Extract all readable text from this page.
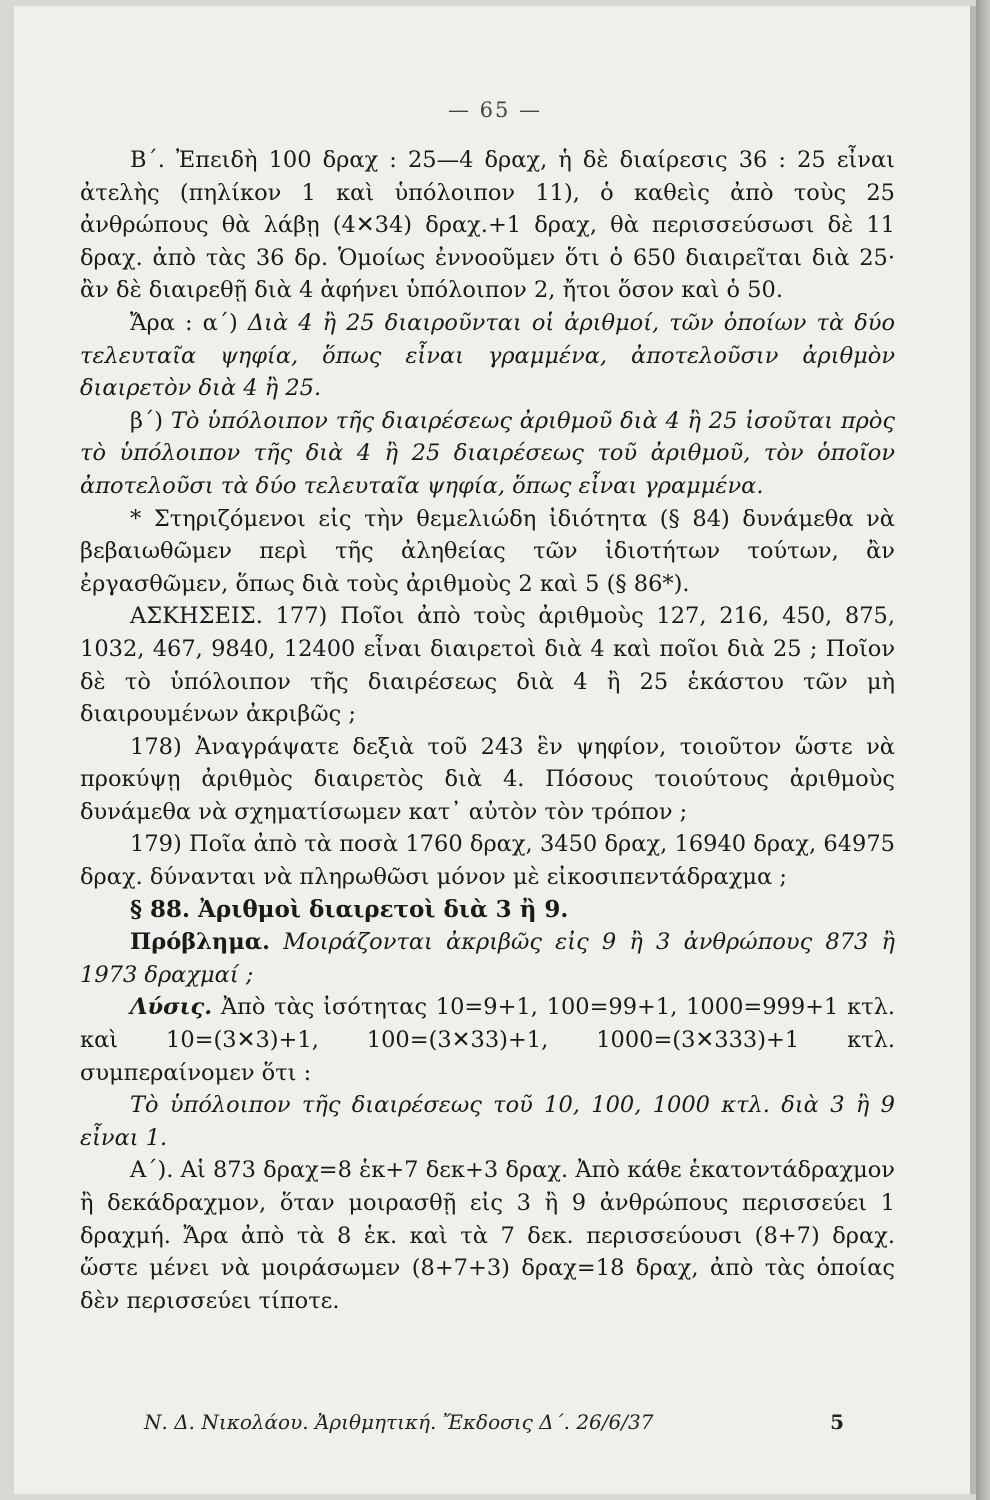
— 65 —

Β΄. Ἐπειδὴ 100 δραχ : 25—4 δραχ, ἡ δὲ διαίρεσις 36 : 25 εἶναι ἀτελὴς (πηλίκον 1 καὶ ὑπόλοιπον 11), ὁ καθεὶς ἀπὸ τοὺς 25 ἀνθρώπους θὰ λάβῃ (4✕34) δραχ.+1 δραχ, θὰ περισσεύσωσι δὲ 11 δραχ. ἀπὸ τὰς 36 δρ. Ὁμοίως ἐννοοῦμεν ὅτι ὁ 650 διαιρεῖται διὰ 25· ἂν δὲ διαιρεθῇ διὰ 4 ἀφήνει ὑπόλοιπον 2, ἤτοι ὅσον καὶ ὁ 50.

Ἄρα : α΄) Διὰ 4 ἢ 25 διαιροῦνται οἱ ἀριθμοί, τῶν ὁποίων τὰ δύο τελευταῖα ψηφία, ὅπως εἶναι γραμμένα, ἀποτελοῦσιν ἀριθμὸν διαιρετὸν διὰ 4 ἢ 25.

β΄) Τὸ ὑπόλοιπον τῆς διαιρέσεως ἀριθμοῦ διὰ 4 ἢ 25 ἰσοῦται πρὸς τὸ ὑπόλοιπον τῆς διὰ 4 ἢ 25 διαιρέσεως τοῦ ἀριθμοῦ, τὸν ὁποῖον ἀποτελοῦσι τὰ δύο τελευταῖα ψηφία, ὅπως εἶναι γραμμένα.

* Στηριζόμενοι εἰς τὴν θεμελιώδη ἰδιότητα (§ 84) δυνάμεθα νὰ βεβαιωθῶμεν περὶ τῆς ἀληθείας τῶν ἰδιοτήτων τούτων, ἂν ἐργασθῶμεν, ὅπως διὰ τοὺς ἀριθμοὺς 2 καὶ 5 (§ 86*).

ΑΣΚΗΣΕΙΣ. 177) Ποῖοι ἀπὸ τοὺς ἀριθμοὺς 127, 216, 450, 875, 1032, 467, 9840, 12400 εἶναι διαιρετοὶ διὰ 4 καὶ ποῖοι διὰ 25 ; Ποῖον δὲ τὸ ὑπόλοιπον τῆς διαιρέσεως διὰ 4 ἢ 25 ἑκάστου τῶν μὴ διαιρουμένων ἀκριβῶς ;

178) Ἀναγράψατε δεξιὰ τοῦ 243 ἓν ψηφίον, τοιοῦτον ὥστε νὰ προκύψῃ ἀριθμὸς διαιρετὸς διὰ 4. Πόσους τοιούτους ἀριθμοὺς δυνάμεθα νὰ σχηματίσωμεν κατ᾿ αὐτὸν τὸν τρόπον ;

179) Ποῖα ἀπὸ τὰ ποσὰ 1760 δραχ, 3450 δραχ, 16940 δραχ, 64975 δραχ. δύνανται νὰ πληρωθῶσι μόνον μὲ εἰκοσιπεντάδραχμα ;

§ 88. Ἀριθμοὶ διαιρετοὶ διὰ 3 ἢ 9.

Πρόβλημα. Μοιράζονται ἀκριβῶς εἰς 9 ἢ 3 ἀνθρώπους 873 ἢ 1973 δραχμαί ;

Λύσις. Ἀπὸ τὰς ἰσότητας 10=9+1, 100=99+1, 1000=999+1 κτλ. καὶ 10=(3✕3)+1, 100=(3✕33)+1, 1000=(3✕333)+1 κτλ. συμπεραίνομεν ὅτι :

Τὸ ὑπόλοιπον τῆς διαιρέσεως τοῦ 10, 100, 1000 κτλ. διὰ 3 ἢ 9 εἶναι 1.

Α΄). Αἱ 873 δραχ=8 ἑκ+7 δεκ+3 δραχ. Ἀπὸ κάθε ἑκατοντάδραχμον ἢ δεκάδραχμον, ὅταν μοιρασθῇ εἰς 3 ἢ 9 ἀνθρώπους περισσεύει 1 δραχμή. Ἄρα ἀπὸ τὰ 8 ἑκ. καὶ τὰ 7 δεκ. περισσεύουσι (8+7) δραχ. ὥστε μένει νὰ μοιράσωμεν (8+7+3) δραχ=18 δραχ, ἀπὸ τὰς ὁποίας δὲν περισσεύει τίποτε.

Ν. Δ. Νικολάου. Ἀριθμητική. Ἔκδοσις Δ΄. 26/6/37	5
